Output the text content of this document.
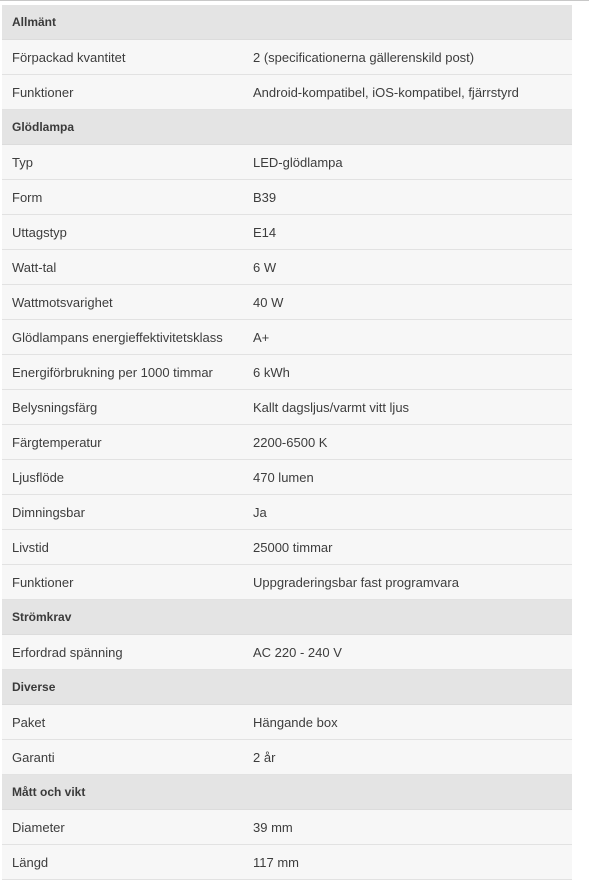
Allmänt
Förpackad kvantitet	2 (specificationerna gällerenskild post)
Funktioner	Android-kompatibel, iOS-kompatibel, fjärrstyrd
Glödlampa
Typ	LED-glödlampa
Form	B39
Uttagstyp	E14
Watt-tal	6 W
Wattmotsvarighet	40 W
Glödlampans energieffektivitetsklass	A+
Energiförbrukning per 1000 timmar	6 kWh
Belysningsfärg	Kallt dagsljus/varmt vitt ljus
Färgtemperatur	2200-6500 K
Ljusflöde	470 lumen
Dimningsbar	Ja
Livstid	25000 timmar
Funktioner	Uppgraderingsbar fast programvara
Strömkrav
Erfordrad spänning	AC 220 - 240 V
Diverse
Paket	Hängande box
Garanti	2 år
Mått och vikt
Diameter	39 mm
Längd	117 mm
